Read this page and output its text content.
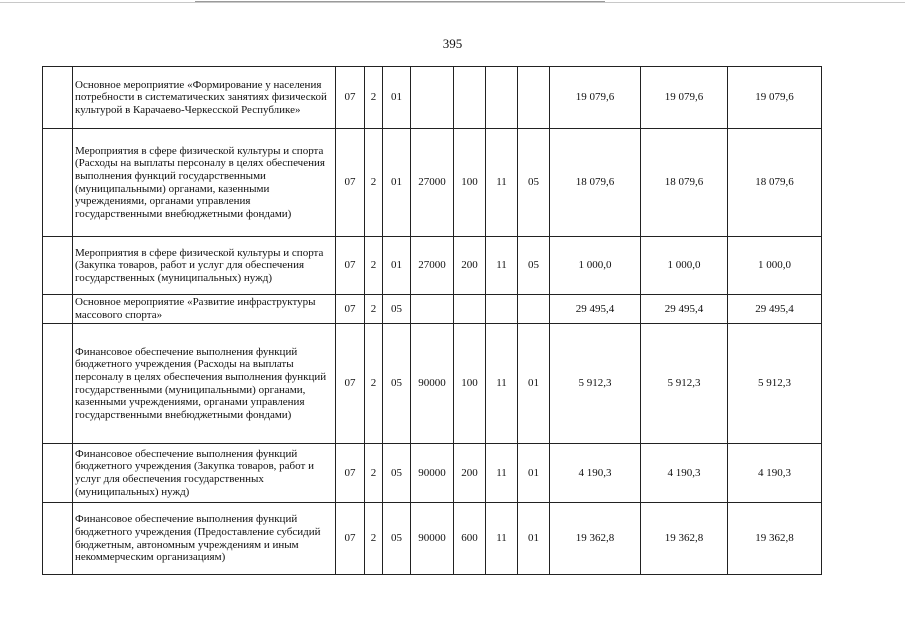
395
	Основное мероприятие «Формирование у населения потребности в систематических занятиях физической культурой в Карачаево-Черкесской Республике»	07	2	01					19 079,6	19 079,6	19 079,6
	Мероприятия в сфере физической культуры и спорта (Расходы на выплаты персоналу в целях обеспечения выполнения функций государственными (муниципальными) органами, казенными учреждениями, органами управления государственными внебюджетными фондами)	07	2	01	27000	100	11	05	18 079,6	18 079,6	18 079,6
	Мероприятия в сфере физической культуры и спорта (Закупка товаров, работ и услуг для обеспечения государственных (муниципальных) нужд)	07	2	01	27000	200	11	05	1 000,0	1 000,0	1 000,0
	Основное мероприятие «Развитие инфраструктуры массового спорта»	07	2	05					29 495,4	29 495,4	29 495,4
	Финансовое обеспечение выполнения функций бюджетного учреждения (Расходы на выплаты персоналу в целях обеспечения выполнения функций государственными (муниципальными) органами, казенными учреждениями, органами управления государственными внебюджетными фондами)	07	2	05	90000	100	11	01	5 912,3	5 912,3	5 912,3
	Финансовое обеспечение выполнения функций бюджетного учреждения (Закупка товаров, работ и услуг для обеспечения государственных (муниципальных) нужд)	07	2	05	90000	200	11	01	4 190,3	4 190,3	4 190,3
	Финансовое обеспечение выполнения функций бюджетного учреждения (Предоставление субсидий бюджетным, автономным учреждениям и иным некоммерческим организациям)	07	2	05	90000	600	11	01	19 362,8	19 362,8	19 362,8
